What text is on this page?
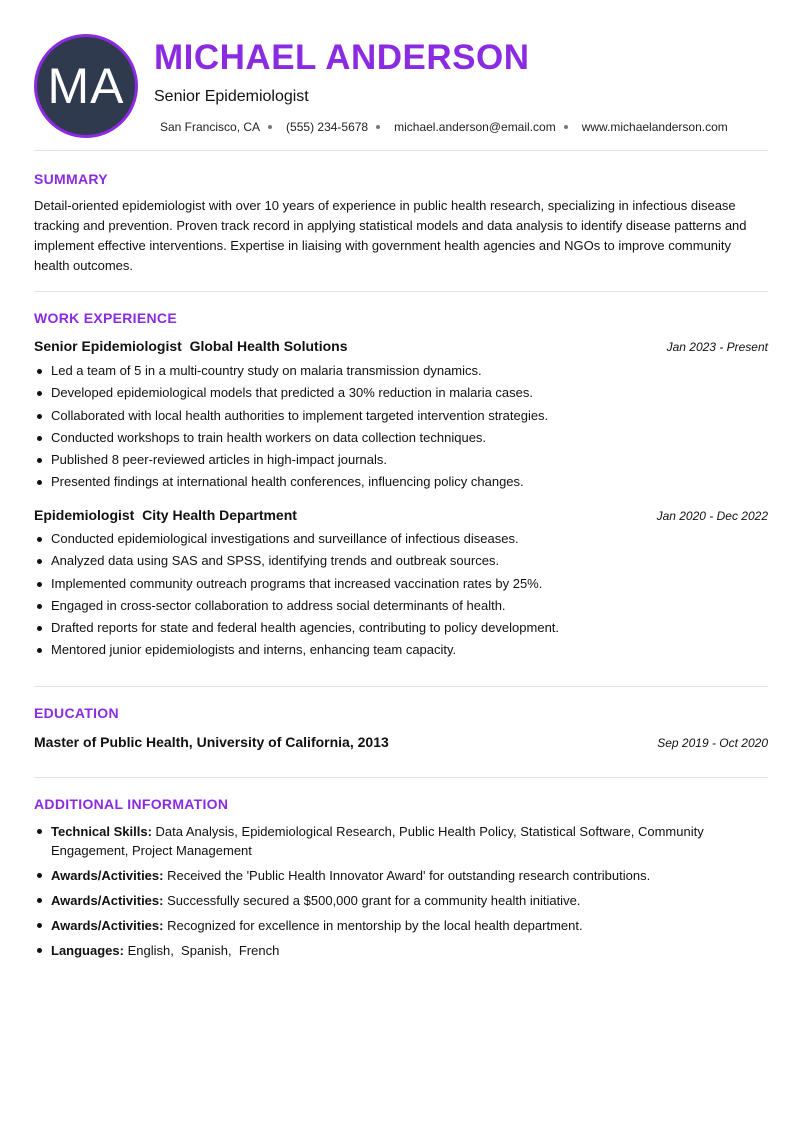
MA
MICHAEL ANDERSON
Senior Epidemiologist
San Francisco, CA (555) 234-5678 michael.anderson@email.com www.michaelanderson.com
SUMMARY
Detail-oriented epidemiologist with over 10 years of experience in public health research, specializing in infectious disease tracking and prevention. Proven track record in applying statistical models and data analysis to identify disease patterns and implement effective interventions. Expertise in liaising with government health agencies and NGOs to improve community health outcomes.
WORK EXPERIENCE
Senior Epidemiologist Global Health Solutions	Jan 2023 - Present
Led a team of 5 in a multi-country study on malaria transmission dynamics.
Developed epidemiological models that predicted a 30% reduction in malaria cases.
Collaborated with local health authorities to implement targeted intervention strategies.
Conducted workshops to train health workers on data collection techniques.
Published 8 peer-reviewed articles in high-impact journals.
Presented findings at international health conferences, influencing policy changes.
Epidemiologist City Health Department	Jan 2020 - Dec 2022
Conducted epidemiological investigations and surveillance of infectious diseases.
Analyzed data using SAS and SPSS, identifying trends and outbreak sources.
Implemented community outreach programs that increased vaccination rates by 25%.
Engaged in cross-sector collaboration to address social determinants of health.
Drafted reports for state and federal health agencies, contributing to policy development.
Mentored junior epidemiologists and interns, enhancing team capacity.
EDUCATION
Master of Public Health, University of California, 2013	Sep 2019 - Oct 2020
ADDITIONAL INFORMATION
Technical Skills: Data Analysis, Epidemiological Research, Public Health Policy, Statistical Software, Community Engagement, Project Management
Awards/Activities: Received the 'Public Health Innovator Award' for outstanding research contributions.
Awards/Activities: Successfully secured a $500,000 grant for a community health initiative.
Awards/Activities: Recognized for excellence in mentorship by the local health department.
Languages: English,  Spanish,  French
